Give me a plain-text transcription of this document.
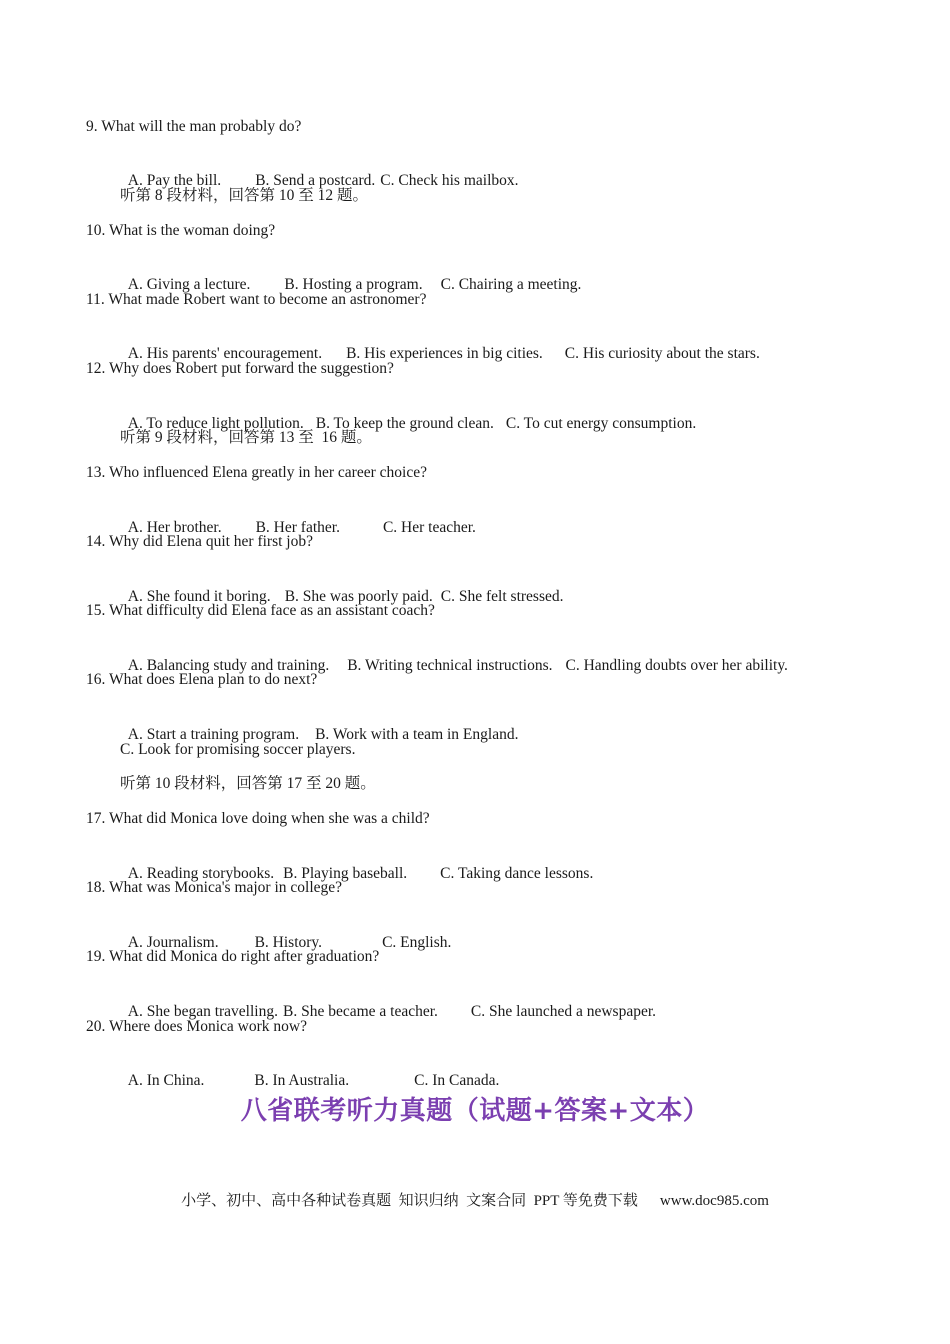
9. What will the man probably do?

A. Pay the bill. B. Send a postcard. C. Check his mailbox.

听第 8 段材料，回答第 10 至 12 题。
10. What is the woman doing?

A. Giving a lecture. B. Hosting a program. C. Chairing a meeting.

11. What made Robert want to become an astronomer?

A. His parents' encouragement. B. His experiences in big cities. C. His curiosity about the stars.

12. Why does Robert put forward the suggestion?

A. To reduce light pollution. B. To keep the ground clean. C. To cut energy consumption.

听第 9 段材料，回答第 13 至  16 题。
13. Who influenced Elena greatly in her career choice?

A. Her brother. B. Her father.	C. Her teacher.

14. Why did Elena quit her first job?

A. She found it boring. B. She was poorly paid. C. She felt stressed.

15. What difficulty did Elena face as an assistant coach?

A. Balancing study and training. B. Writing technical instructions. C. Handling doubts over her ability.

16. What does Elena plan to do next?

A. Start a training program. B. Work with a team in England.

C. Look for promising soccer players.
听第 10 段材料，回答第 17 至 20 题。
17. What did Monica love doing when she was a child?

A. Reading storybooks. B. Playing baseball. C. Taking dance lessons.

18. What was Monica's major in college?

A. Journalism. B. History.	C. English.

19. What did Monica do right after graduation?

A. She began travelling. B. She became a teacher. C. She launched a newspaper.

20. Where does Monica work now?

A. In China.	B. In Australia.	C. In Canada.

八省联考听力真题（试题+答案+文本）
小学、初中、高中各种试卷真题  知识归纳  文案合同  PPT 等免费下载 www.doc985.com
